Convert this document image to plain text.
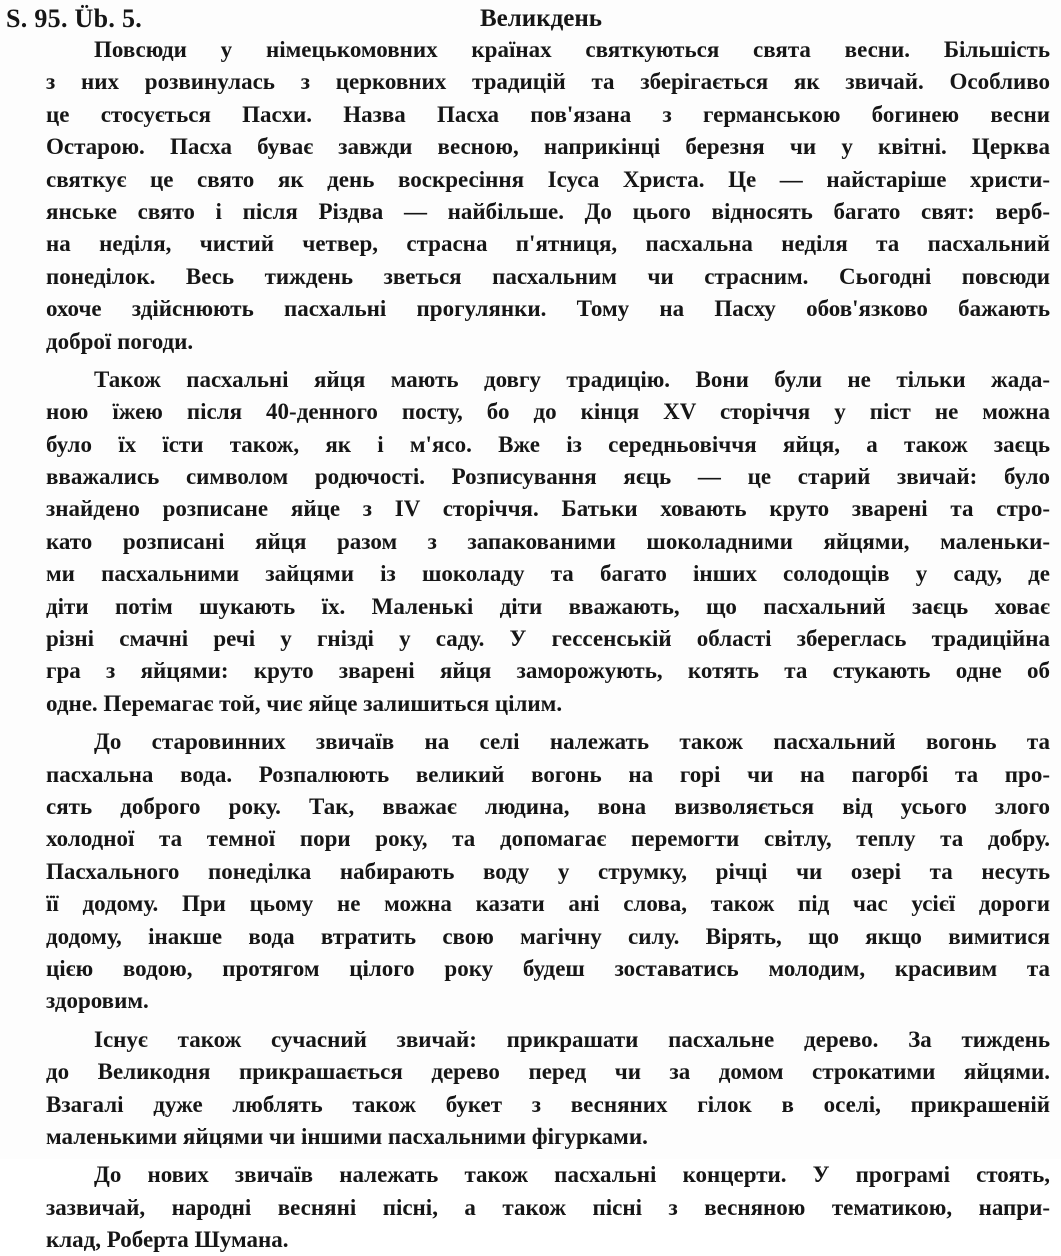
S. 95. Üb. 5.	Великдень
Повсюди у німецькомовних країнах святкуються свята весни. Більшість
з них розвинулась з церковних традицій та зберігається як звичай. Особливо
це стосується Пасхи. Назва Пасха пов'язана з германською богинею весни
Остарою. Пасха буває завжди весною, наприкінці березня чи у квітні. Церква
святкує це свято як день воскресіння Ісуса Христа. Це — найстаріше христи-
янське свято і після Різдва — найбільше. До цього відносять багато свят: верб-
на неділя, чистий четвер, страсна п'ятниця, пасхальна неділя та пасхальний
понеділок. Весь тиждень зветься пасхальним чи страсним. Сьогодні повсюди
охоче здійснюють пасхальні прогулянки. Тому на Пасху обов'язково бажають
доброї погоди.
Також пасхальні яйця мають довгу традицію. Вони були не тільки жада-
ною їжею після 40-денного посту, бо до кінця XV сторіччя у піст не можна
було їх їсти також, як і м'ясо. Вже із середньовіччя яйця, а також заєць
вважались символом родючості. Розписування яєць — це старий звичай: було
знайдено розписане яйце з IV сторіччя. Батьки ховають круто зварені та стро-
като розписані яйця разом з запакованими шоколадними яйцями, маленьки-
ми пасхальними зайцями із шоколаду та багато інших солодощів у саду, де
діти потім шукають їх. Маленькі діти вважають, що пасхальний заєць ховає
різні смачні речі у гнізді у саду. У гессенській області збереглась традиційна
гра з яйцями: круто зварені яйця заморожують, котять та стукають одне об
одне. Перемагає той, чиє яйце залишиться цілим.
До старовинних звичаїв на селі належать також пасхальний вогонь та
пасхальна вода. Розпалюють великий вогонь на горі чи на пагорбі та про-
сять доброго року. Так, вважає людина, вона визволяється від усього злого
холодної та темної пори року, та допомагає перемогти світлу, теплу та добру.
Пасхального понеділка набирають воду у струмку, річці чи озері та несуть
її додому. При цьому не можна казати ані слова, також під час усієї дороги
додому, інакше вода втратить свою магічну силу. Вірять, що якщо вимитися
цією водою, протягом цілого року будеш зоставатись молодим, красивим та
здоровим.
Існує також сучасний звичай: прикрашати пасхальне дерево. За тиждень
до Великодня прикрашається дерево перед чи за домом строкатими яйцями.
Взагалі дуже люблять також букет з весняних гілок в оселі, прикрашеній
маленькими яйцями чи іншими пасхальними фігурками.
До нових звичаїв належать також пасхальні концерти. У програмі стоять,
зазвичай, народні весняні пісні, а також пісні з весняною тематикою, напри-
клад, Роберта Шумана.
